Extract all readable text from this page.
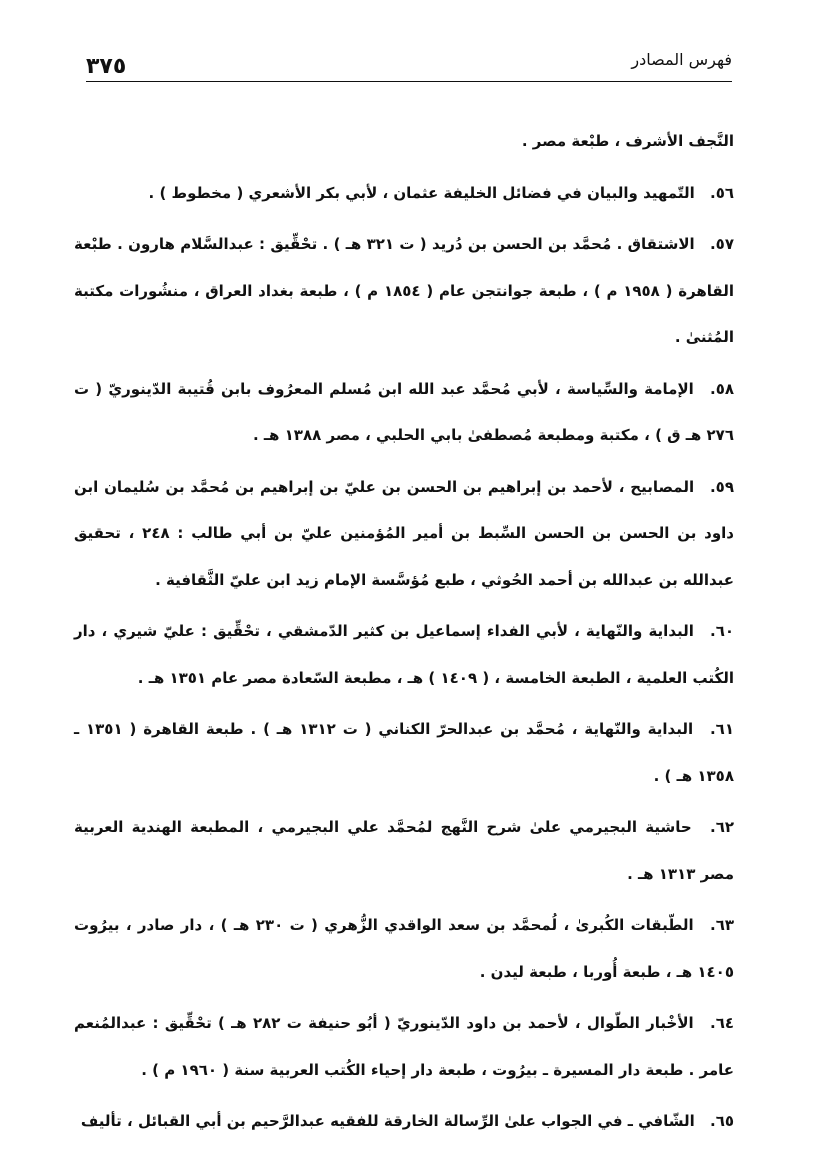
٣٧٥	فهرس المصادر

النَّجف الأشرف ، طبْعة مصر .

٥٦. التّمهيد والبيان في فضائل الخليفة عثمان ، لأبي بكر الأشعري ( مخطوط ) .

٥٧. الاشتقاق . مُحمَّد بن الحسن بن دُريد ( ت ٣٢١ هـ ) . تحْقِّيق : عبدالسَّلام هارون . طبْعة القاهرة ( ١٩٥٨ م ) ، طبعة جوانتجن عام ( ١٨٥٤ م ) ، طبعة بغداد العراق ، منشُورات مكتبة المُثنىٰ .

٥٨. الإمامة والسِّياسة ، لأبي مُحمَّد عبد الله ابن مُسلم المعرُوف بابن قُتيبة الدّينوريّ ( ت ٢٧٦ هـ ق ) ، مكتبة ومطبعة مُصطفىٰ بابي الحلبي ، مصر ١٣٨٨ هـ .

٥٩. المصابيح ، لأحمد بن إبراهيم بن الحسن بن عليّ بن إبراهيم بن مُحمَّد بن سُليمان ابن داود بن الحسن بن الحسن السِّبط بن أمير المُؤمنين عليّ بن أبي طالب : ٢٤٨ ، تحقيق عبدالله بن عبدالله بن أحمد الحُوثي ، طبع مُؤسَّسة الإمام زيد ابن عليّ الثَّقافية .

٦٠. البداية والنّهاية ، لأبي الفداء إسماعيل بن كثير الدّمشقي ، تحْقِّيق : عليّ شيري ، دار الكُتب العلمية ، الطبعة الخامسة ، ( ١٤٠٩ ) هـ ، مطبعة السّعادة مصر عام ١٣٥١ هـ .

٦١. البداية والنّهاية ، مُحمَّد بن عبدالحرّ الكناني ( ت ١٣١٢ هـ ) . طبعة القاهرة ( ١٣٥١ ـ ١٣٥٨ هـ ) .

٦٢. حاشية البجيرمي علىٰ شرح النَّهج لمُحمَّد علي البجيرمي ، المطبعة الهندية العربية مصر ١٣١٣ هـ .

٦٣. الطّبقات الكُبرىٰ ، لُمحمَّد بن سعد الواقدي الزُّهري ( ت ٢٣٠ هـ ) ، دار صادر ، بيرُوت ١٤٠٥ هـ ، طبعة أُوربا ، طبعة ليدن .

٦٤. الأخْبار الطّوال ، لأحمد بن داود الدّينوريّ ( أبُو حنيفة ت ٢٨٢ هـ ) تحْقِّيق : عبدالمُنعم عامر . طبعة دار المسيرة ـ بيرُوت ، طبعة دار إحياء الكُتب العربية سنة ( ١٩٦٠ م ) .

٦٥. الشّافي ـ في الجواب علىٰ الرِّسالة الخارقة للفقيه عبدالرَّحيم بن أبي القبائل ، تأليف
